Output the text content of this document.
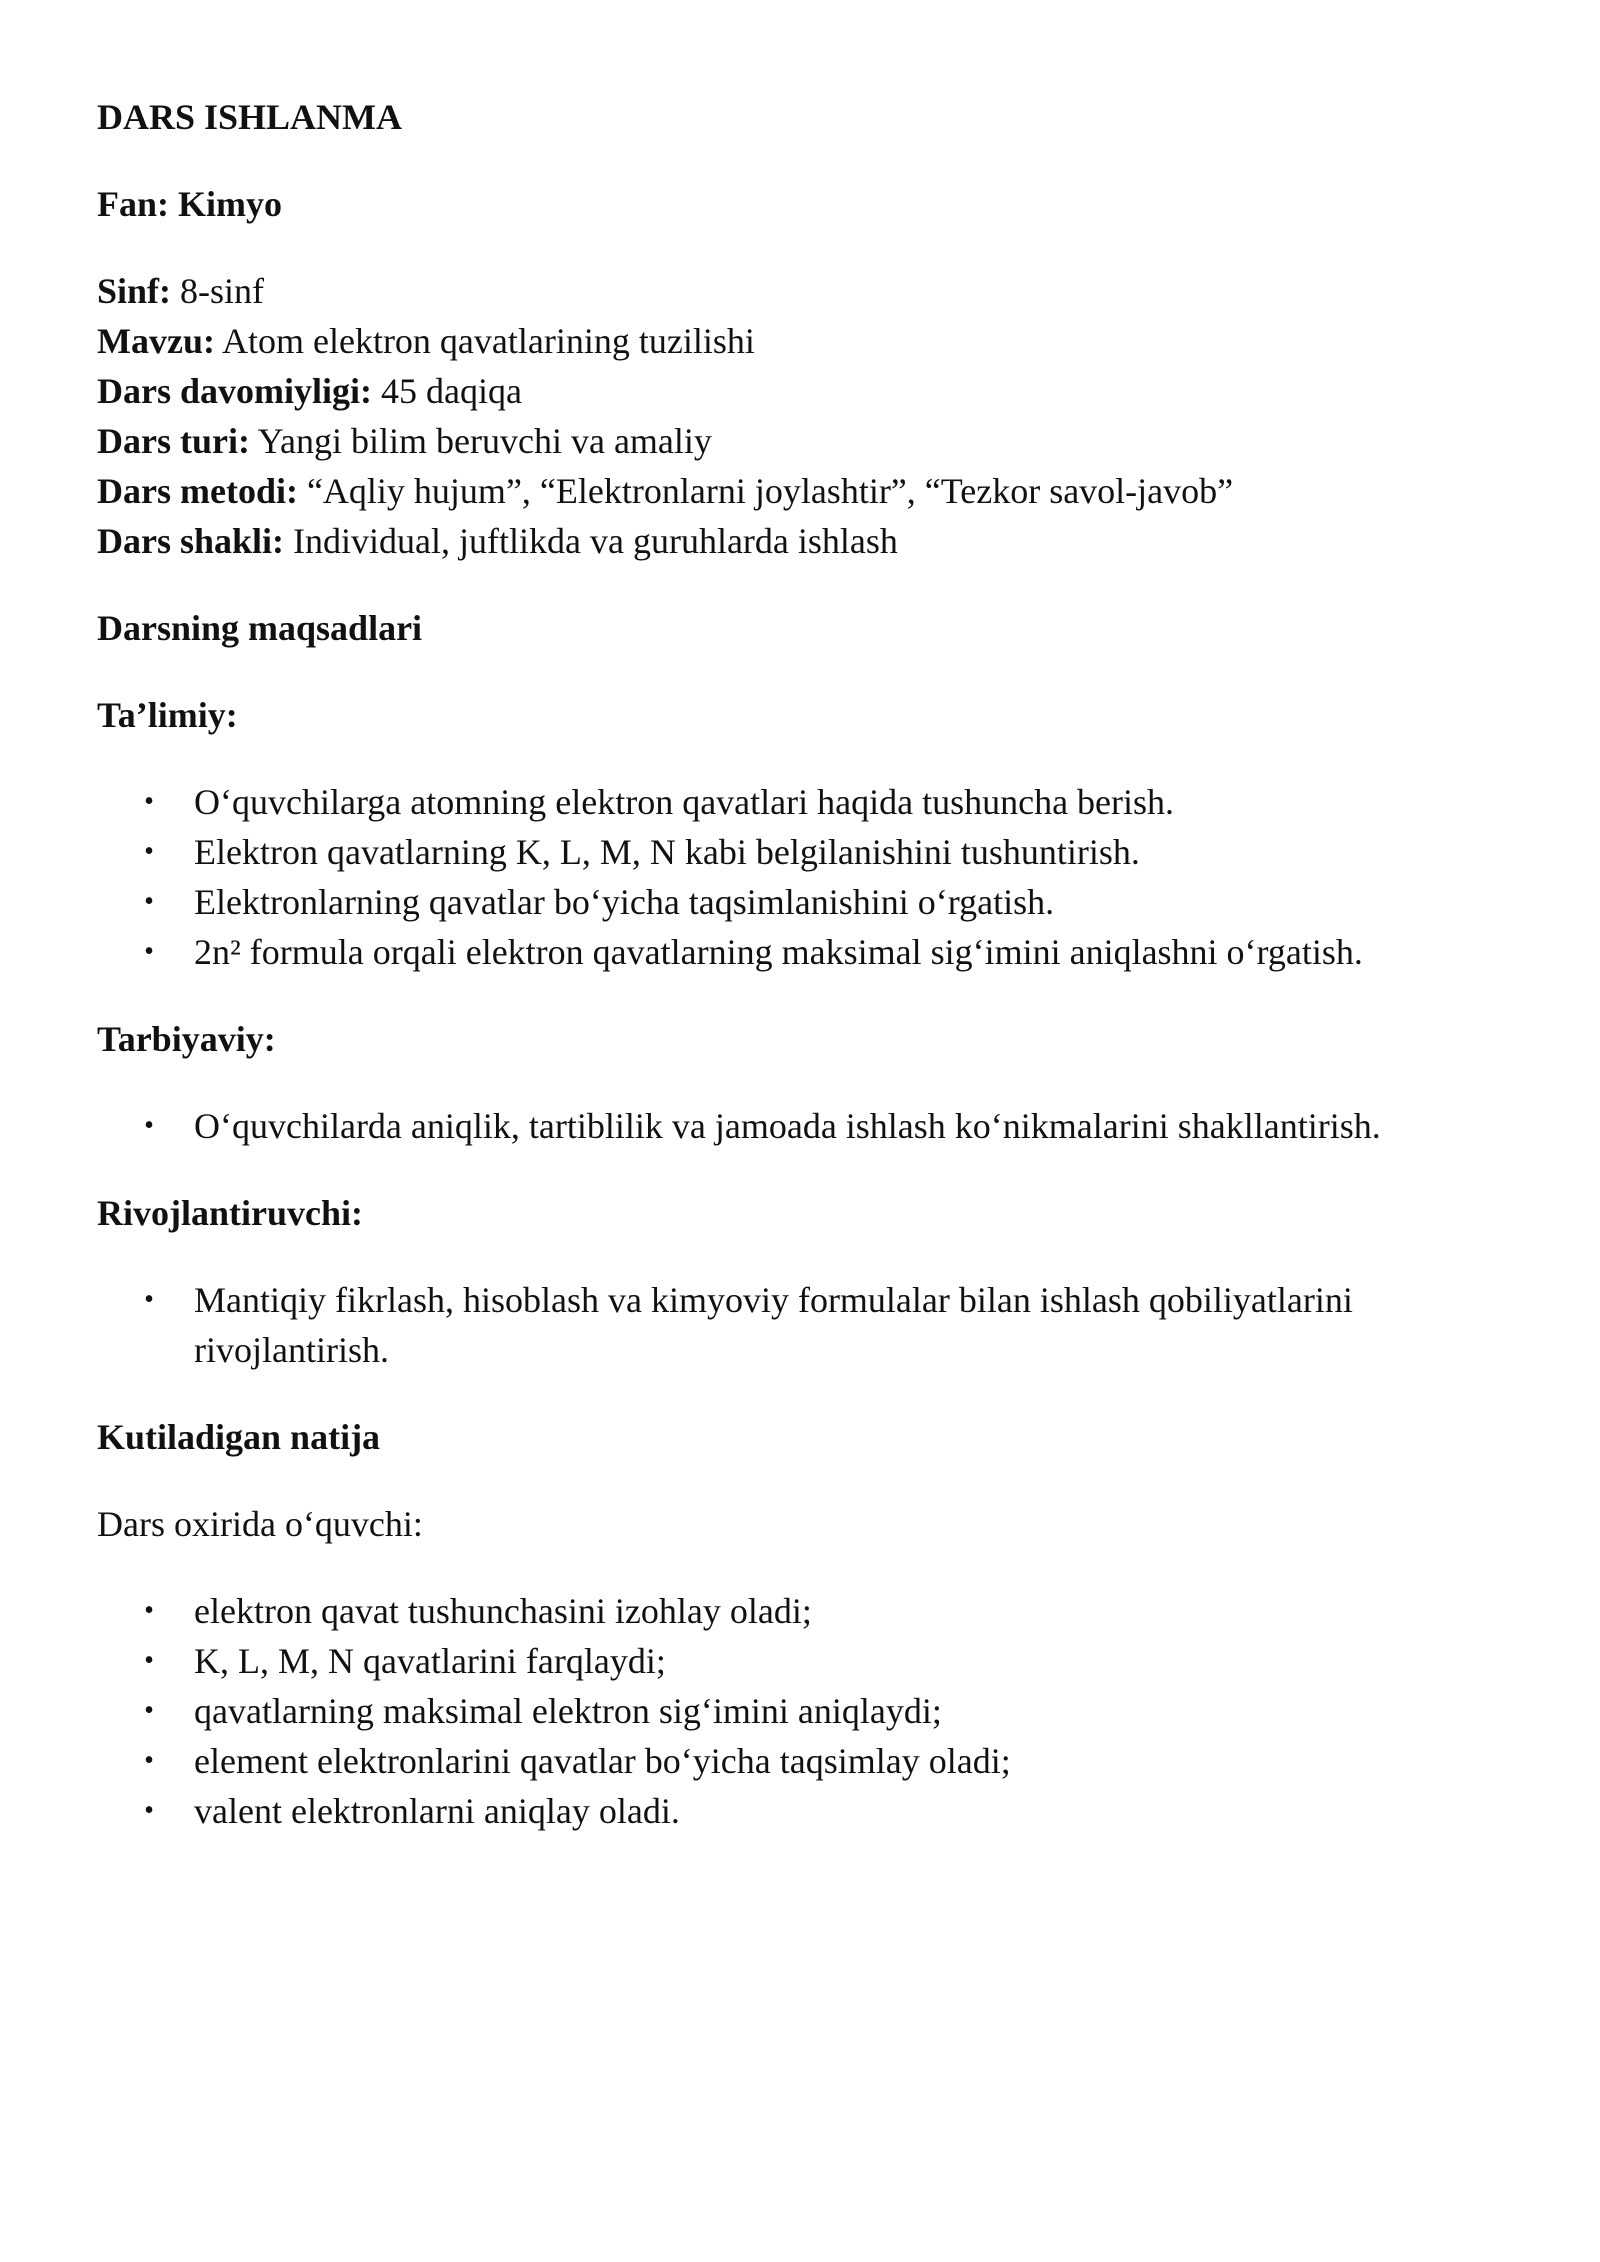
DARS ISHLANMA

Fan: Kimyo

Sinf: 8-sinf

Mavzu: Atom elektron qavatlarining tuzilishi

Dars davomiyligi: 45 daqiqa

Dars turi: Yangi bilim beruvchi va amaliy

Dars metodi: “Aqliy hujum”, “Elektronlarni joylashtir”, “Tezkor savol-javob”

Dars shakli: Individual, juftlikda va guruhlarda ishlash

Darsning maqsadlari

Ta’limiy:

• O‘quvchilarga atomning elektron qavatlari haqida tushuncha berish.
• Elektron qavatlarning K, L, M, N kabi belgilanishini tushuntirish.
• Elektronlarning qavatlar bo‘yicha taqsimlanishini o‘rgatish.
• 2n² formula orqali elektron qavatlarning maksimal sig‘imini aniqlashni o‘rgatish.

Tarbiyaviy:

• O‘quvchilarda aniqlik, tartiblilik va jamoada ishlash ko‘nikmalarini shakllantirish.

Rivojlantiruvchi:

• Mantiqiy fikrlash, hisoblash va kimyoviy formulalar bilan ishlash qobiliyatlarini rivojlantirish.

Kutiladigan natija

Dars oxirida o‘quvchi:

• elektron qavat tushunchasini izohlay oladi;
• K, L, M, N qavatlarini farqlaydi;
• qavatlarning maksimal elektron sig‘imini aniqlaydi;
• element elektronlarini qavatlar bo‘yicha taqsimlay oladi;
• valent elektronlarni aniqlay oladi.
